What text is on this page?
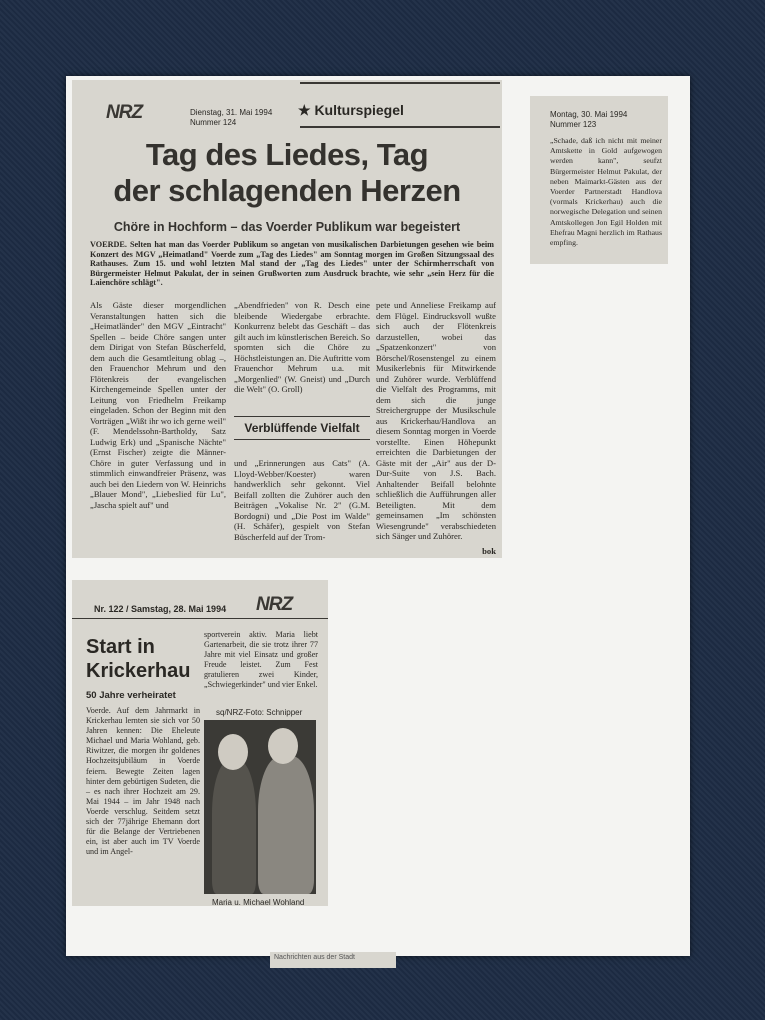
NRZ	Dienstag, 31. Mai 1994
Nummer 124
★ Kulturspiegel
Tag des Liedes, Tag
der schlagenden Herzen
Chöre in Hochform – das Voerder Publikum war begeistert
VOERDE. Selten hat man das Voerder Publikum so angetan von musikalischen Darbietungen gesehen wie beim Konzert des MGV „Heimatland" Voerde zum „Tag des Liedes" am Sonntag morgen im Großen Sitzungssaal des Rathauses. Zum 15. und wohl letzten Mal stand der „Tag des Liedes" unter der Schirmherrschaft von Bürgermeister Helmut Pakulat, der in seinen Grußworten zum Ausdruck brachte, wie sehr „sein Herz für die Laienchöre schlägt".
Als Gäste dieser morgendlichen Veranstaltungen hatten sich die „Heimatländer" den MGV „Eintracht" Spellen – beide Chöre sangen unter dem Dirigat von Stefan Büscherfeld, dem auch die Gesamtleitung oblag –, den Frauenchor Mehrum und den Flötenkreis der evangelischen Kirchengemeinde Spellen unter der Leitung von Friedhelm Freikamp eingeladen. Schon der Beginn mit den Vorträgen „Wißt ihr wo ich gerne weil" (F. Mendelssohn-Bartholdy, Satz Ludwig Erk) und „Spanische Nächte" (Ernst Fischer) zeigte die Männer-Chöre in guter Verfassung und in stimmlich einwandfreier Präsenz, was auch bei den Liedern von W. Heinrichs „Blauer Mond", „Liebeslied für Lu", „Jascha spielt auf" und
„Abendfrieden" von R. Desch eine bleibende Wiedergabe erbrachte. Konkurrenz belebt das Geschäft – das gilt auch im künstlerischen Bereich. So spornten sich die Chöre zu Höchstleistungen an. Die Auftritte vom Frauenchor Mehrum u.a. mit „Morgenlied" (W. Gneist) und „Durch die Welt" (O. Groll)
Verblüffende Vielfalt
und „Erinnerungen aus Cats" (A. Lloyd-Webber/Koester) waren handwerklich sehr gekonnt. Viel Beifall zollten die Zuhörer auch den Beiträgen „Vokalise Nr. 2" (G.M. Bordogni) und „Die Post im Walde" (H. Schäfer), gespielt von Stefan Büscherfeld auf der Trom-
pete und Anneliese Freikamp auf dem Flügel. Eindrucksvoll wußte sich auch der Flötenkreis darzustellen, wobei das „Spatzenkonzert" von Börschel/Rosenstengel zu einem Musikerlebnis für Mitwirkende und Zuhörer wurde. Verblüffend die Vielfalt des Programms, mit dem sich die junge Streichergruppe der Musikschule aus Krickerhau/Handlova an diesem Sonntag morgen in Voerde vorstellte. Einen Höhepunkt erreichten die Darbietungen der Gäste mit der „Air" aus der D-Dur-Suite von J.S. Bach. Anhaltender Beifall belohnte schließlich die Aufführungen aller Beteiligten. Mit dem gemeinsamen „Im schönsten Wiesengrunde" verabschiedeten sich Sänger und Zuhörer.
bok
Montag, 30. Mai 1994
Nummer 123
„Schade, daß ich nicht mit meiner Amtskette in Gold aufgewogen werden kann", seufzt Bürgermeister Helmut Pakulat, der neben Maimarkt-Gästen aus der Voerder Partnerstadt Handlova (vormals Krickerhau) auch die norwegische Delegation und seinen Amtskollegen Jon Egil Holden mit Ehefrau Magni herzlich im Rathaus empfing.
Nr. 122 / Samstag, 28. Mai 1994 NRZ
Start in
Krickerhau
50 Jahre verheiratet
Voerde. Auf dem Jahrmarkt in Krickerhau lernten sie sich vor 50 Jahren kennen: Die Eheleute Michael und Maria Wohland, geb. Riwitzer, die morgen ihr goldenes Hochzeitsjubiläum in Voerde feiern. Bewegte Zeiten lagen hinter dem gebürtigen Sudeten, die – es nach ihrer Hochzeit am 29. Mai 1944 – im Jahr 1948 nach Voerde verschlug. Seitdem setzt sich der 77jährige Ehemann dort für die Belange der Vertriebenen ein, ist aber auch im TV Voerde und im Angel-
sportverein aktiv. Maria liebt Gartenarbeit, die sie trotz ihrer 77 Jahre mit viel Einsatz und großer Freude leistet. Zum Fest gratulieren zwei Kinder, „Schwiegerkinder" und vier Enkel.
sq/NRZ-Foto: Schnipper
Maria u. Michael Wohland
Nachrichten aus der Stadt
